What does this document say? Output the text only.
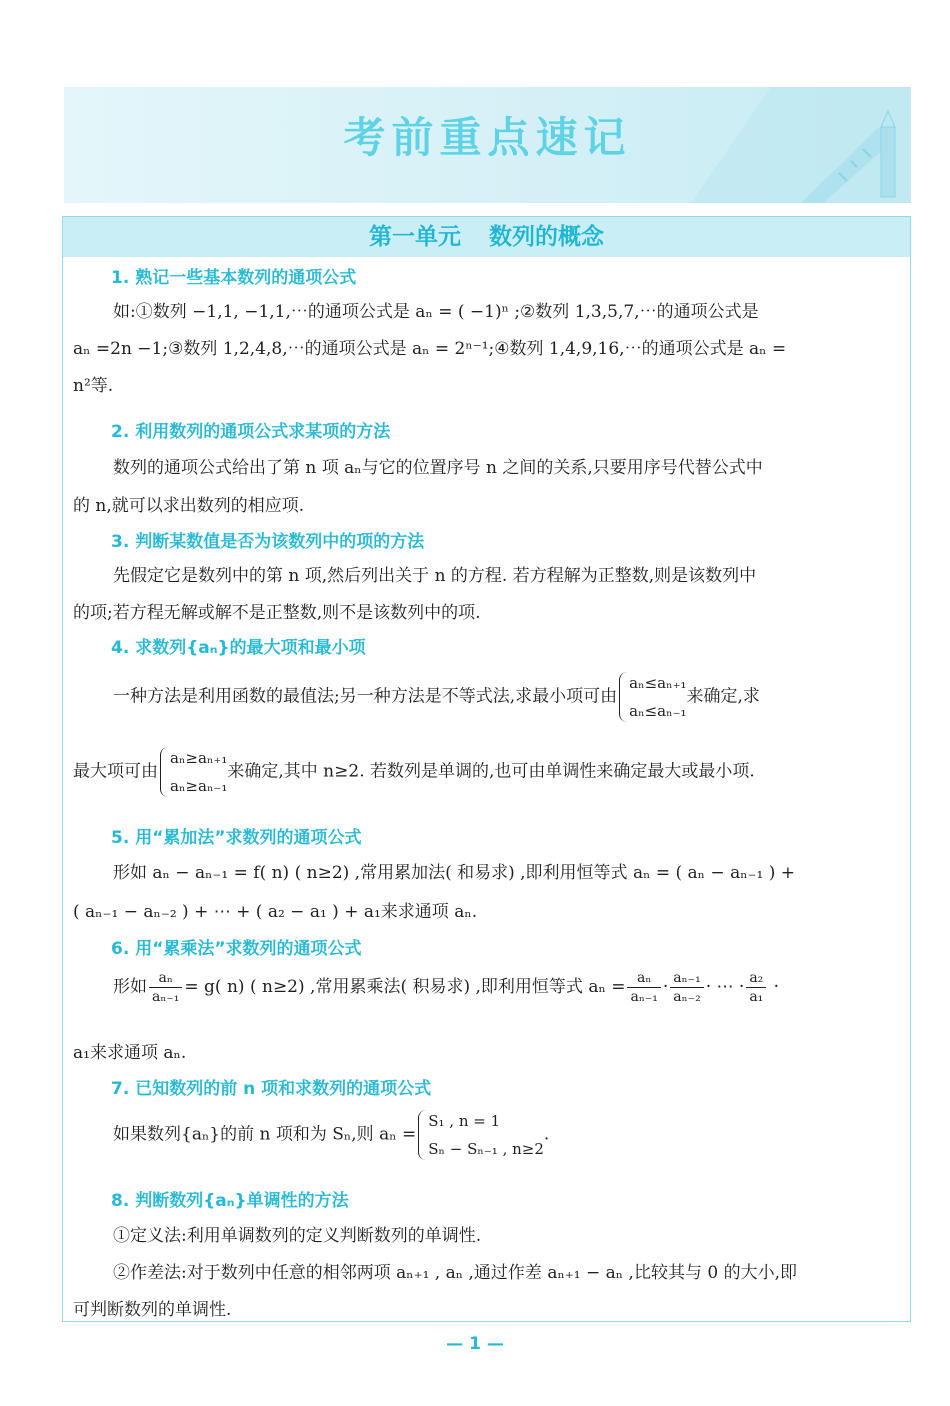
考前重点速记
第一单元 数列的概念
1. 熟记一些基本数列的通项公式
如:①数列 −1,1, −1,1,⋯的通项公式是 aₙ = ( −1)ⁿ ;②数列 1,3,5,7,⋯的通项公式是
aₙ =2n −1;③数列 1,2,4,8,⋯的通项公式是 aₙ = 2ⁿ⁻¹;④数列 1,4,9,16,⋯的通项公式是 aₙ =
n²等.
2. 利用数列的通项公式求某项的方法
数列的通项公式给出了第 n 项 aₙ与它的位置序号 n 之间的关系,只要用序号代替公式中
的 n,就可以求出数列的相应项.
3. 判断某数值是否为该数列中的项的方法
先假定它是数列中的第 n 项,然后列出关于 n 的方程. 若方程解为正整数,则是该数列中
的项;若方程无解或解不是正整数,则不是该数列中的项.
4. 求数列{aₙ}的最大项和最小项
一种方法是利用函数的最值法;另一种方法是不等式法,求最小项可由
aₙ≤aₙ₊₁
aₙ≤aₙ₋₁
来确定,求
最大项可由
aₙ≥aₙ₊₁
aₙ≥aₙ₋₁
来确定,其中 n≥2. 若数列是单调的,也可由单调性来确定最大或最小项.
5. 用“累加法”求数列的通项公式
形如 aₙ − aₙ₋₁ = f( n) ( n≥2) ,常用累加法( 和易求) ,即利用恒等式 aₙ = ( aₙ − aₙ₋₁ ) +
( aₙ₋₁ − aₙ₋₂ ) + ⋯ + ( a₂ − a₁ ) + a₁来求通项 aₙ.
6. 用“累乘法”求数列的通项公式
形如 $\frac{\text{aₙ}}{\text{aₙ₋₁}} = g$( n) ( n≥2) ,常用累乘法( 积易求) ,即利用恒等式 $a_n = \frac{\text{aₙ}}{\text{aₙ₋₁}} \cdot \frac{\text{aₙ₋₁}}{\text{aₙ₋₂}}$ · ⋯ · $\frac{\text{a₂}}{\text{a₁}}$ ·
a₁来求通项 aₙ.
7. 已知数列的前 n 项和求数列的通项公式
如果数列{aₙ}的前 n 项和为 Sₙ,则 aₙ =
S₁ , n = 1
Sₙ − Sₙ₋₁ , n≥2
.
8. 判断数列{aₙ}单调性的方法
①定义法:利用单调数列的定义判断数列的单调性.
②作差法:对于数列中任意的相邻两项 aₙ₊₁ , aₙ ,通过作差 aₙ₊₁ − aₙ ,比较其与 0 的大小,即
可判断数列的单调性.
— 1 —
